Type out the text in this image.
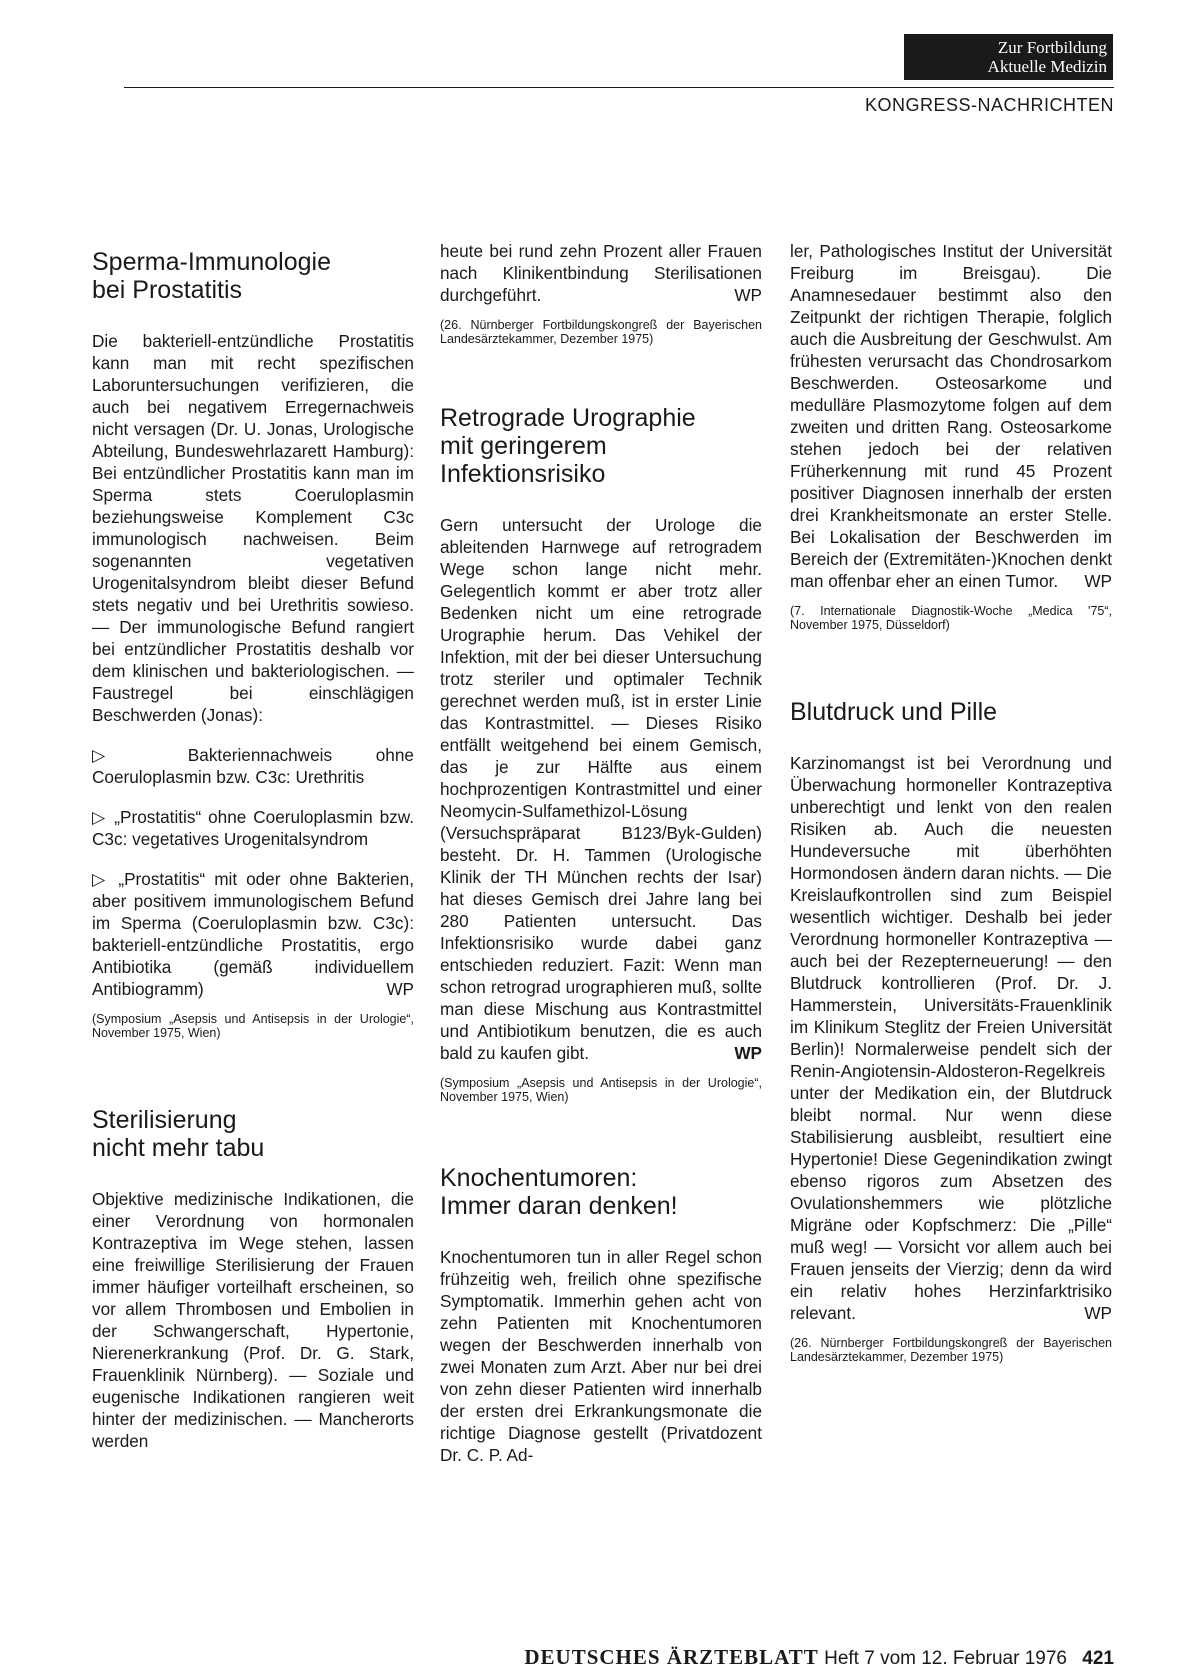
Zur Fortbildung
Aktuelle Medizin
KONGRESS-NACHRICHTEN
Sperma-Immunologie
bei Prostatitis

Die bakteriell-entzündliche Prostatitis kann man mit recht spezifischen Laboruntersuchungen verifizieren, die auch bei negativem Erregernachweis nicht versagen (Dr. U. Jonas, Urologische Abteilung, Bundeswehrlazarett Hamburg): Bei entzündlicher Prostatitis kann man im Sperma stets Coeruloplasmin beziehungsweise Komplement C3c immunologisch nachweisen. Beim sogenannten vegetativen Urogenitalsyndrom bleibt dieser Befund stets negativ und bei Urethritis sowieso. — Der immunologische Befund rangiert bei entzündlicher Prostatitis deshalb vor dem klinischen und bakteriologischen. — Faustregel bei einschlägigen Beschwerden (Jonas):

▷ Bakteriennachweis ohne Coeruloplasmin bzw. C3c: Urethritis

▷ „Prostatitis“ ohne Coeruloplasmin bzw. C3c: vegetatives Urogenitalsyndrom

▷ „Prostatitis“ mit oder ohne Bakterien, aber positivem immunologischem Befund im Sperma (Coeruloplasmin bzw. C3c): bakteriell-entzündliche Prostatitis, ergo Antibiotika (gemäß individuellem Antibiogramm)	WP

(Symposium „Asepsis und Antisepsis in der Urologie“, November 1975, Wien)

Sterilisierung
nicht mehr tabu

Objektive medizinische Indikationen, die einer Verordnung von hormonalen Kontrazeptiva im Wege stehen, lassen eine freiwillige Sterilisierung der Frauen immer häufiger vorteilhaft erscheinen, so vor allem Thrombosen und Embolien in der Schwangerschaft, Hypertonie, Nierenerkrankung (Prof. Dr. G. Stark, Frauenklinik Nürnberg). — Soziale und eugenische Indikationen rangieren weit hinter der medizinischen. — Mancherorts werden

heute bei rund zehn Prozent aller Frauen nach Klinikentbindung Sterilisationen durchgeführt.	WP

(26. Nürnberger Fortbildungskongreß der Bayerischen Landesärztekammer, Dezember 1975)

Retrograde Urographie
mit geringerem
Infektionsrisiko

Gern untersucht der Urologe die ableitenden Harnwege auf retrogradem Wege schon lange nicht mehr. Gelegentlich kommt er aber trotz aller Bedenken nicht um eine retrograde Urographie herum. Das Vehikel der Infektion, mit der bei dieser Untersuchung trotz steriler und optimaler Technik gerechnet werden muß, ist in erster Linie das Kontrastmittel. — Dieses Risiko entfällt weitgehend bei einem Gemisch, das je zur Hälfte aus einem hochprozentigen Kontrastmittel und einer Neomycin-Sulfamethizol-Lösung (Versuchspräparat B123/Byk-Gulden) besteht. Dr. H. Tammen (Urologische Klinik der TH München rechts der Isar) hat dieses Gemisch drei Jahre lang bei 280 Patienten untersucht. Das Infektionsrisiko wurde dabei ganz entschieden reduziert. Fazit: Wenn man schon retrograd urographieren muß, sollte man diese Mischung aus Kontrastmittel und Antibiotikum benutzen, die es auch bald zu kaufen gibt.	WP

(Symposium „Asepsis und Antisepsis in der Urologie“, November 1975, Wien)

Knochentumoren:
Immer daran denken!

Knochentumoren tun in aller Regel schon frühzeitig weh, freilich ohne spezifische Symptomatik. Immerhin gehen acht von zehn Patienten mit Knochentumoren wegen der Beschwerden innerhalb von zwei Monaten zum Arzt. Aber nur bei drei von zehn dieser Patienten wird innerhalb der ersten drei Erkrankungsmonate die richtige Diagnose gestellt (Privatdozent Dr. C. P. Ad-

ler, Pathologisches Institut der Universität Freiburg im Breisgau). Die Anamnesedauer bestimmt also den Zeitpunkt der richtigen Therapie, folglich auch die Ausbreitung der Geschwulst. Am frühesten verursacht das Chondrosarkom Beschwerden. Osteosarkome und medulläre Plasmozytome folgen auf dem zweiten und dritten Rang. Osteosarkome stehen jedoch bei der relativen Früherkennung mit rund 45 Prozent positiver Diagnosen innerhalb der ersten drei Krankheitsmonate an erster Stelle. Bei Lokalisation der Beschwerden im Bereich der (Extremitäten-)Knochen denkt man offenbar eher an einen Tumor. WP

(7. Internationale Diagnostik-Woche „Medica '75“, November 1975, Düsseldorf)

Blutdruck und Pille

Karzinomangst ist bei Verordnung und Überwachung hormoneller Kontrazeptiva unberechtigt und lenkt von den realen Risiken ab. Auch die neuesten Hundeversuche mit überhöhten Hormondosen ändern daran nichts. — Die Kreislaufkontrollen sind zum Beispiel wesentlich wichtiger. Deshalb bei jeder Verordnung hormoneller Kontrazeptiva — auch bei der Rezepterneuerung! — den Blutdruck kontrollieren (Prof. Dr. J. Hammerstein, Universitäts-Frauenklinik im Klinikum Steglitz der Freien Universität Berlin)! Normalerweise pendelt sich der Renin-Angiotensin-Aldosteron-Regelkreis unter der Medikation ein, der Blutdruck bleibt normal. Nur wenn diese Stabilisierung ausbleibt, resultiert eine Hypertonie! Diese Gegenindikation zwingt ebenso rigoros zum Absetzen des Ovulationshemmers wie plötzliche Migräne oder Kopfschmerz: Die „Pille“ muß weg! — Vorsicht vor allem auch bei Frauen jenseits der Vierzig; denn da wird ein relativ hohes Herzinfarktrisiko relevant.	WP

(26. Nürnberger Fortbildungskongreß der Bayerischen Landesärztekammer, Dezember 1975)

DEUTSCHES ÄRZTEBLATT Heft 7 vom 12. Februar 1976 421
